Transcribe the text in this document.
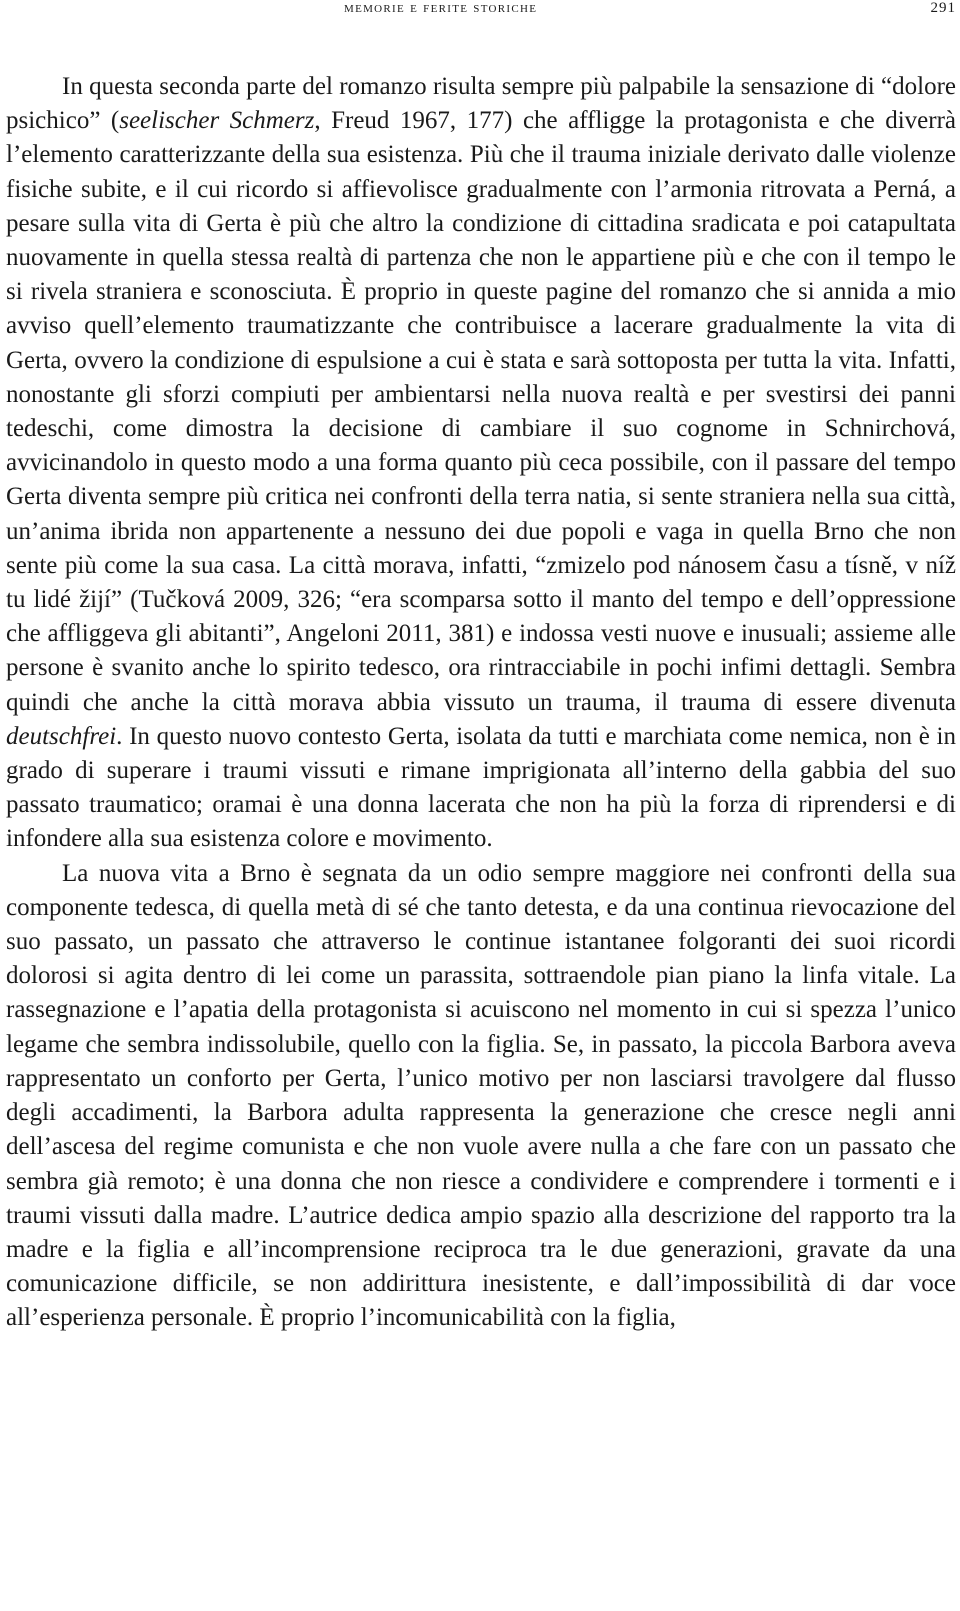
memorie e ferite storiche	291

In questa seconda parte del romanzo risulta sempre più palpabile la sensazione di “dolore psichico” (seelischer Schmerz, Freud 1967, 177) che affligge la protagonista e che diverrà l’elemento caratterizzante della sua esistenza. Più che il trauma iniziale derivato dalle violenze fisiche subite, e il cui ricordo si affievolisce gradualmente con l’armonia ritrovata a Perná, a pesare sulla vita di Gerta è più che altro la condizione di cittadina sradicata e poi catapultata nuovamente in quella stessa realtà di partenza che non le appartiene più e che con il tempo le si rivela straniera e sconosciuta. È proprio in queste pagine del romanzo che si annida a mio avviso quell’elemento traumatizzante che contribuisce a lacerare gradualmente la vita di Gerta, ovvero la condizione di espulsione a cui è stata e sarà sottoposta per tutta la vita. Infatti, nonostante gli sforzi compiuti per ambientarsi nella nuova realtà e per svestirsi dei panni tedeschi, come dimostra la decisione di cambiare il suo cognome in Schnirchová, avvicinandolo in questo modo a una forma quanto più ceca possibile, con il passare del tempo Gerta diventa sempre più critica nei confronti della terra natia, si sente straniera nella sua città, un’anima ibrida non appartenente a nessuno dei due popoli e vaga in quella Brno che non sente più come la sua casa. La città morava, infatti, “zmizelo pod nánosem času a tísně, v níž tu lidé žijí” (Tučková 2009, 326; “era scomparsa sotto il manto del tempo e dell’oppressione che affliggeva gli abitanti”, Angeloni 2011, 381) e indossa vesti nuove e inusuali; assieme alle persone è svanito anche lo spirito tedesco, ora rintracciabile in pochi infimi dettagli. Sembra quindi che anche la città morava abbia vissuto un trauma, il trauma di essere divenuta deutschfrei. In questo nuovo contesto Gerta, isolata da tutti e marchiata come nemica, non è in grado di superare i traumi vissuti e rimane imprigionata all’interno della gabbia del suo passato traumatico; oramai è una donna lacerata che non ha più la forza di riprendersi e di infondere alla sua esistenza colore e movimento.

La nuova vita a Brno è segnata da un odio sempre maggiore nei confronti della sua componente tedesca, di quella metà di sé che tanto detesta, e da una continua rievocazione del suo passato, un passato che attraverso le continue istantanee folgoranti dei suoi ricordi dolorosi si agita dentro di lei come un parassita, sottraendole pian piano la linfa vitale. La rassegnazione e l’apatia della protagonista si acuiscono nel momento in cui si spezza l’unico legame che sembra indissolubile, quello con la figlia. Se, in passato, la piccola Barbora aveva rappresentato un conforto per Gerta, l’unico motivo per non lasciarsi travolgere dal flusso degli accadimenti, la Barbora adulta rappresenta la generazione che cresce negli anni dell’ascesa del regime comunista e che non vuole avere nulla a che fare con un passato che sembra già remoto; è una donna che non riesce a condividere e comprendere i tormenti e i traumi vissuti dalla madre. L’autrice dedica ampio spazio alla descrizione del rapporto tra la madre e la figlia e all’incomprensione reciproca tra le due generazioni, gravate da una comunicazione difficile, se non addirittura inesistente, e dall’impossibilità di dar voce all’esperienza personale. È proprio l’incomunicabilità con la figlia,
